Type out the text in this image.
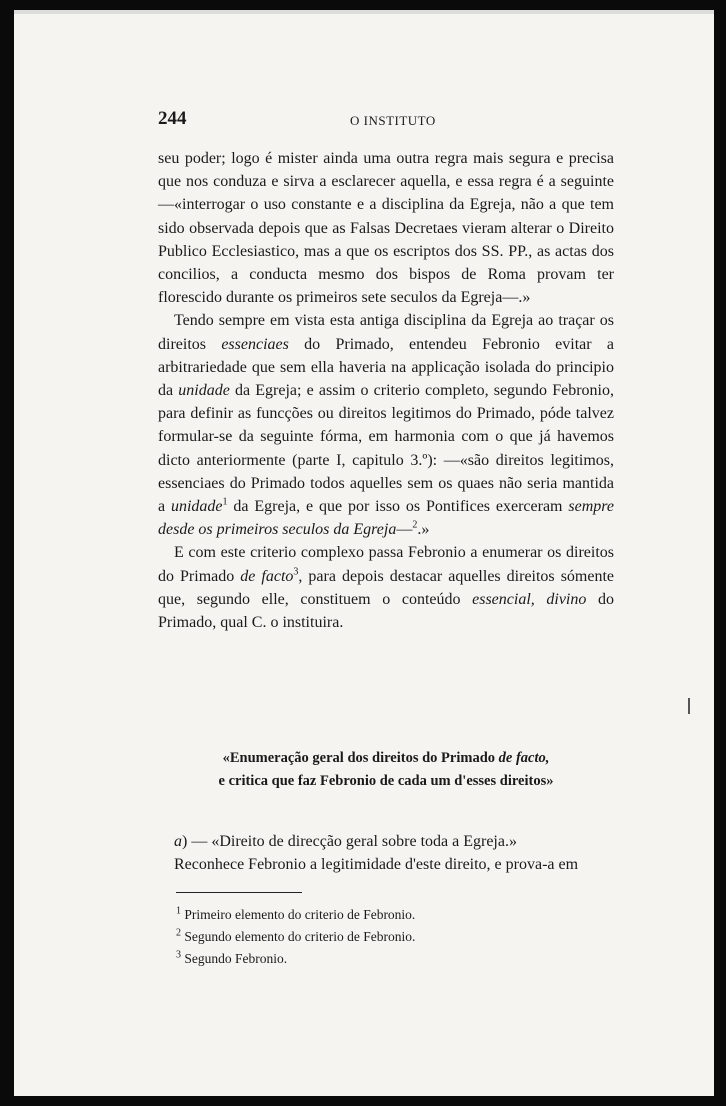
244	O INSTITUTO

seu poder; logo é mister ainda uma outra regra mais segura e precisa que nos conduza e sirva a esclarecer aquella, e essa regra é a seguinte—«interrogar o uso constante e a disciplina da Egreja, não a que tem sido observada depois que as Falsas Decretaes vieram alterar o Direito Publico Ecclesiastico, mas a que os escriptos dos SS. PP., as actas dos concilios, a conducta mesmo dos bispos de Roma provam ter florescido durante os primeiros sete seculos da Egreja—.»

Tendo sempre em vista esta antiga disciplina da Egreja ao traçar os direitos essenciaes do Primado, entendeu Febronio evitar a arbitrariedade que sem ella haveria na applicação isolada do principio da unidade da Egreja; e assim o criterio completo, segundo Febronio, para definir as funcções ou direitos legitimos do Primado, póde talvez formular-se da seguinte fórma, em harmonia com o que já havemos dicto anteriormente (parte I, capitulo 3.º): —«são direitos legitimos, essenciaes do Primado todos aquelles sem os quaes não seria mantida a unidade$^1$ da Egreja, e que por isso os Pontifices exerceram sempre desde os primeiros seculos da Egreja—$^2$.»

E com este criterio complexo passa Febronio a enumerar os direitos do Primado de facto$^3$, para depois destacar aquelles direitos sómente que, segundo elle, constituem o conteúdo essencial, divino do Primado, qual C. o instituira.

«Enumeração geral dos direitos do Primado de facto,
e critica que faz Febronio de cada um d'esses direitos»

a) — «Direito de direcção geral sobre toda a Egreja.»

Reconhece Febronio a legitimidade d'este direito, e prova-a em

$^1$ Primeiro elemento do criterio de Febronio.
$^2$ Segundo elemento do criterio de Febronio.
$^3$ Segundo Febronio.
